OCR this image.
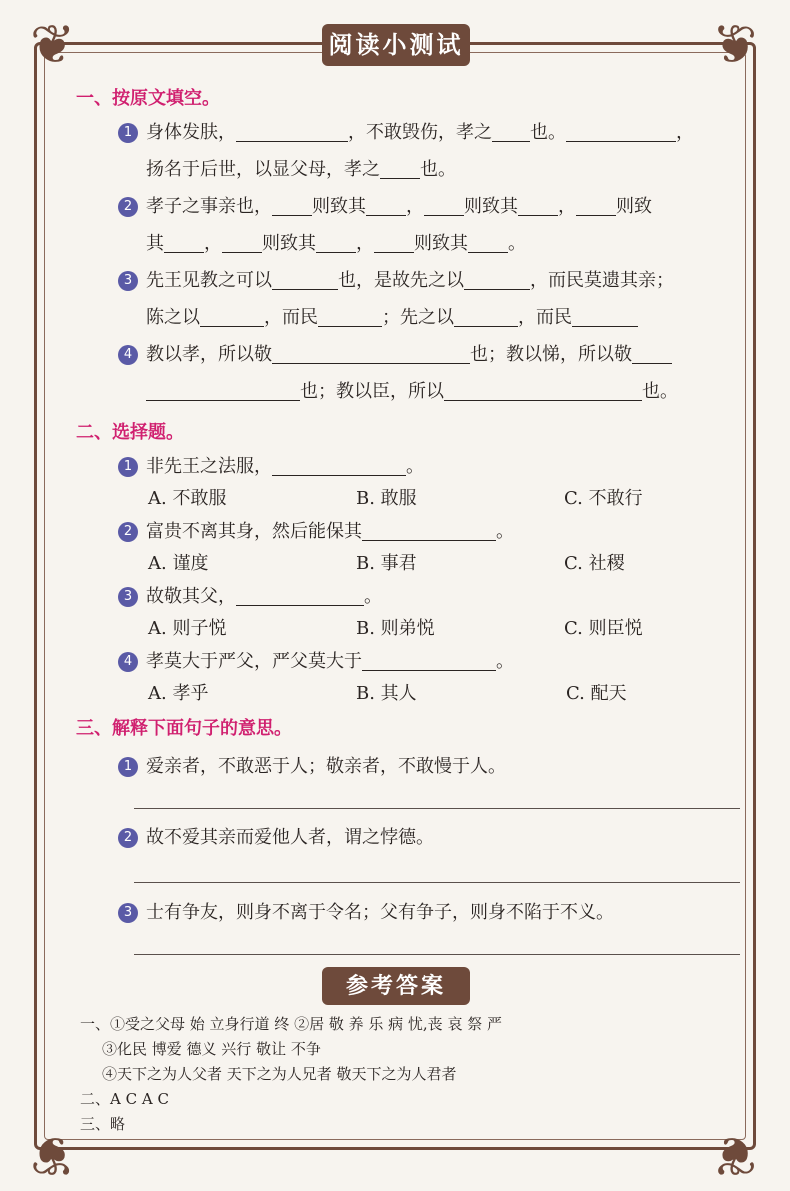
❦	❦
❦	❦
阅读小测试
一、按原文填空。
1 身体发肤，	，不敢毁伤，孝之 也。	，
扬名于后世，以显父母，孝之 也。
2 孝子之事亲也， 则致其 ， 则致其 ， 则致
其 ， 则致其 ， 则致其 。
3 先王见教之可以	也，是故先之以	，而民莫遗其亲；
陈之以	，而民	；先之以	，而民
4 教以孝，所以敬	也；教以悌，所以敬
也；教以臣，所以	也。
二、选择题。
1 非先王之法服，	。
A. 不敢服	B. 敢服	C. 不敢行
2 富贵不离其身，然后能保其	。
A. 谨度	B. 事君	C. 社稷
3 故敬其父，	。
A. 则子悦	B. 则弟悦	C. 则臣悦
4 孝莫大于严父，严父莫大于	。
A. 孝乎	B. 其人	C. 配天
三、解释下面句子的意思。
1 爱亲者，不敢恶于人；敬亲者，不敢慢于人。
2 故不爱其亲而爱他人者，谓之悖德。
3 士有争友，则身不离于令名；父有争子，则身不陷于不义。
参考答案
一、①受之父母 始 立身行道 终 ②居 敬 养 乐 病 忧,丧 哀 祭 严
③化民 博爱 德义 兴行 敬让 不争
④天下之为人父者 天下之为人兄者 敬天下之为人君者
二、A C A C
三、略
